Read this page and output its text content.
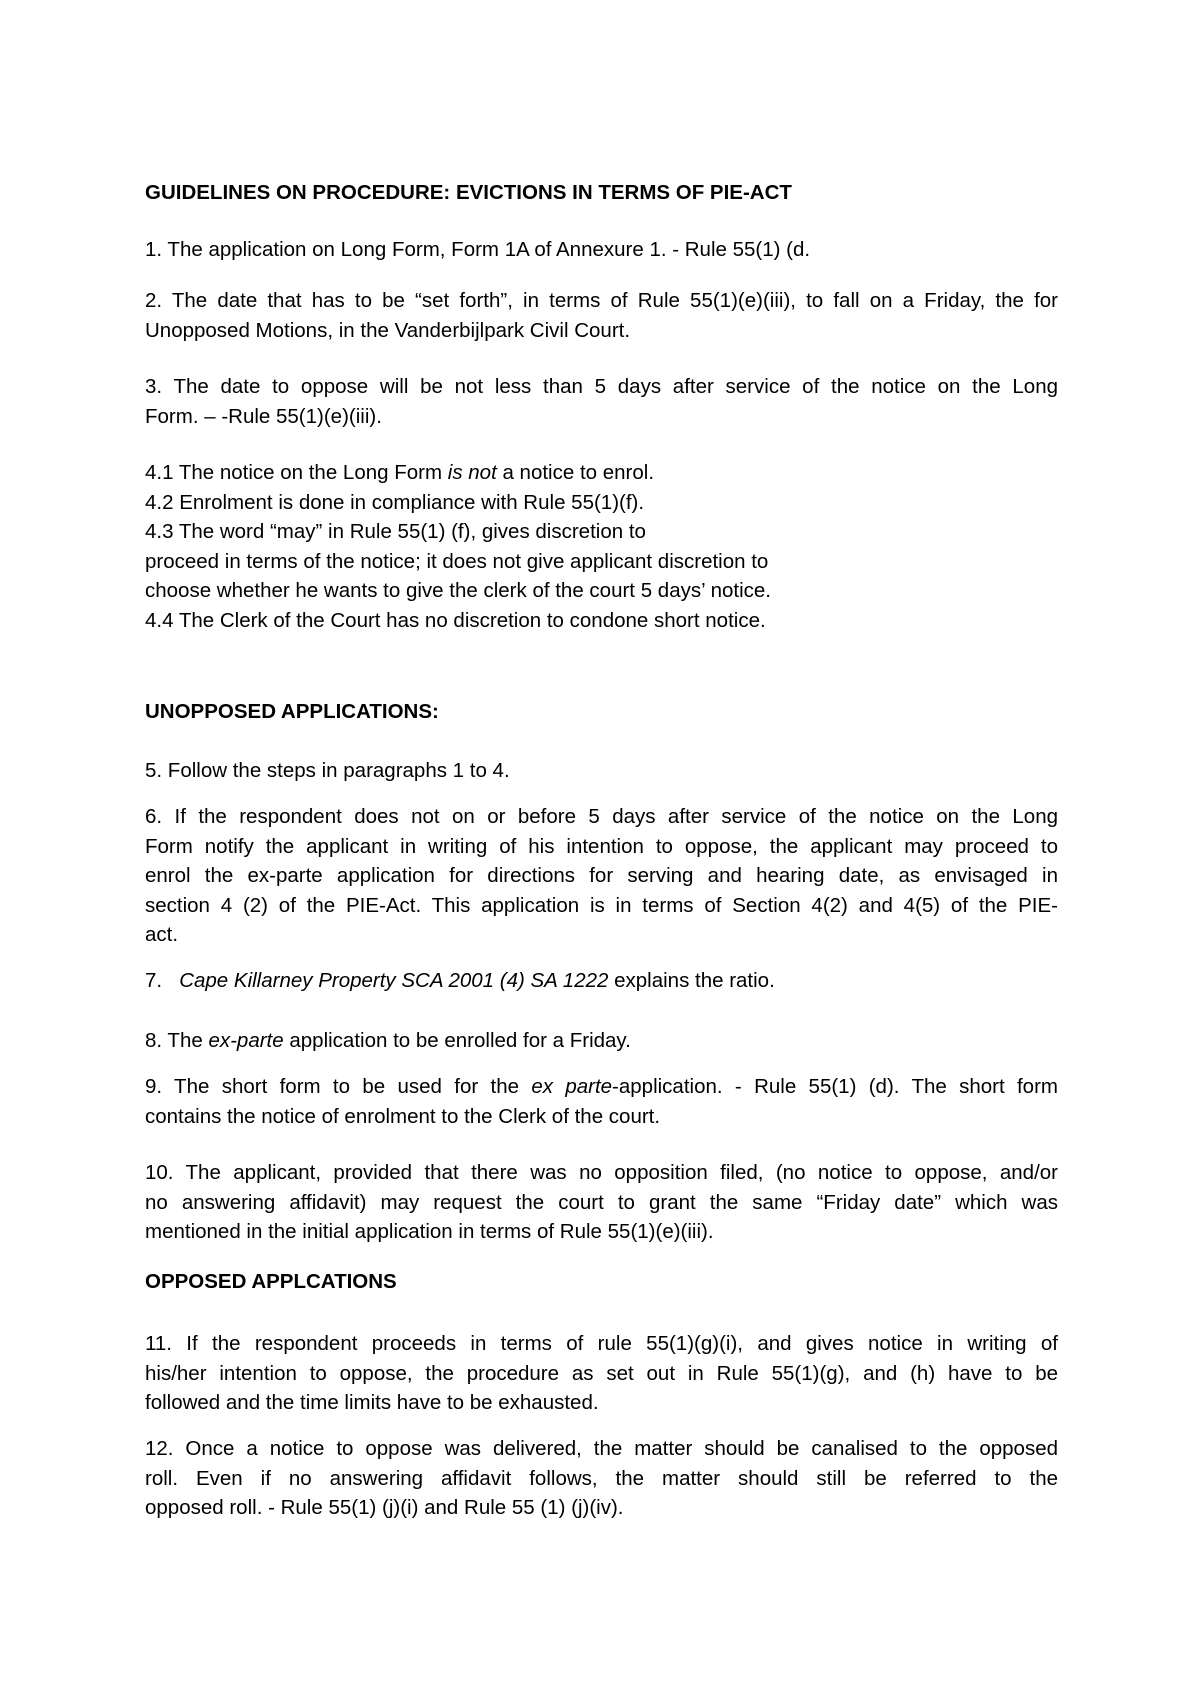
GUIDELINES ON PROCEDURE: EVICTIONS IN TERMS OF PIE-ACT
1. The application on Long Form, Form 1A of Annexure 1. - Rule 55(1) (d.
2. The date that has to be “set forth”, in terms of Rule 55(1)(e)(iii), to fall on a Friday, the for
Unopposed Motions, in the Vanderbijlpark Civil Court.
3. The date to oppose will be not less than 5 days after service of the notice on the Long
Form. – -Rule 55(1)(e)(iii).
4.1 The notice on the Long Form is not a notice to enrol.
4.2 Enrolment is done in compliance with Rule 55(1)(f).
4.3 The word “may” in Rule 55(1) (f), gives discretion to
proceed in terms of the notice; it does not give applicant discretion to
choose whether he wants to give the clerk of the court 5 days’ notice.
4.4 The Clerk of the Court has no discretion to condone short notice.
UNOPPOSED APPLICATIONS:
5. Follow the steps in paragraphs 1 to 4.
6. If the respondent does not on or before 5 days after service of the notice on the Long
Form notify the applicant in writing of his intention to oppose, the applicant may proceed to
enrol the ex-parte application for directions for serving and hearing date, as envisaged in
section 4 (2) of the PIE-Act. This application is in terms of Section 4(2) and 4(5) of the PIE-
act.
7.   Cape Killarney Property SCA 2001 (4) SA 1222 explains the ratio.
8. The ex-parte application to be enrolled for a Friday.
9. The short form to be used for the ex parte-application. - Rule 55(1) (d). The short form
contains the notice of enrolment to the Clerk of the court.
10. The applicant, provided that there was no opposition filed, (no notice to oppose, and/or
no answering affidavit) may request the court to grant the same “Friday date” which was
mentioned in the initial application in terms of Rule 55(1)(e)(iii).
OPPOSED APPLCATIONS
11. If the respondent proceeds in terms of rule 55(1)(g)(i), and gives notice in writing of
his/her intention to oppose, the procedure as set out in Rule 55(1)(g), and (h) have to be
followed and the time limits have to be exhausted.
12. Once a notice to oppose was delivered, the matter should be canalised to the opposed
roll. Even if no answering affidavit follows, the matter should still be referred to the
opposed roll. - Rule 55(1) (j)(i) and Rule 55 (1) (j)(iv).
